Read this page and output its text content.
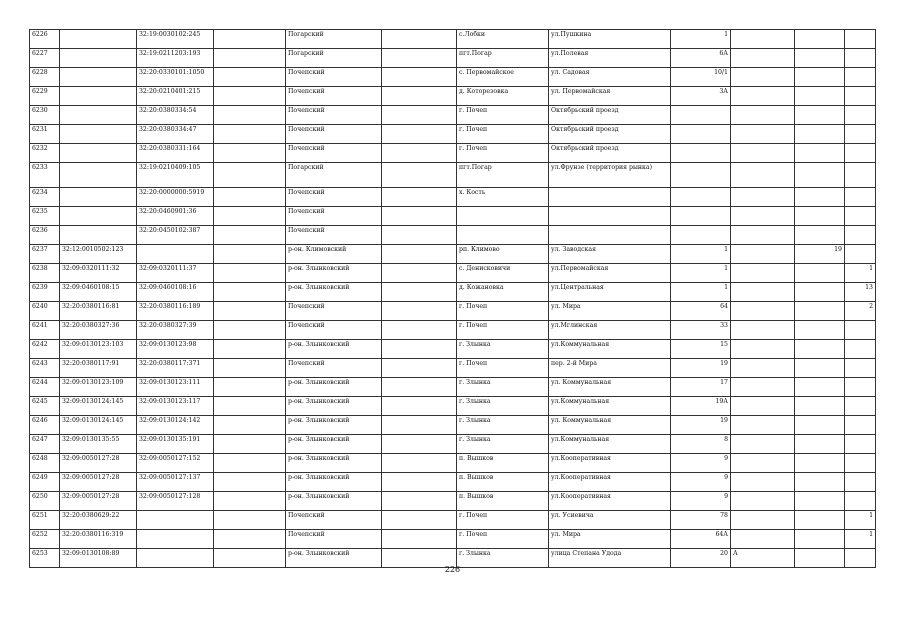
6226		32:19:0030102:245		Погарский		с.Лобки	ул.Пушкина	1			
6227		32:19:0211203:193		Погарский		пгт.Погар	ул.Полевая	6А			
6228		32:20:0330101:1050		Почепский		с. Первомайское	ул. Садовая	10/1			
6229		32:20:0210401:215		Почепский		д. Котоpезовка	ул. Первомайская	3А			
6230		32:20:0380334:54		Почепский		г. Почеп	Октябрьский проезд				
6231		32:20:0380334:47		Почепский		г. Почеп	Октябрьский проезд				
6232		32:20:0380331:164		Почепский		г. Почеп	Октябрьский проезд				
6233		32:19:0210409:105		Погарский		пгт.Погар	ул.Фрунзе (территория рынка)				
6234		32:20:0000000:5919		Почепский		х. Кость					
6235		32:20:0460901:36		Почепский							
6236		32:20:0450102:387		Почепский							
6237	32:12:0010502:123			р-он. Климовский		рп. Климово	ул. Заводская	1		19	
6238	32:09:0320111:32	32:09:0320111:37		р-он. Злынковский		с. Денисковичи	ул.Первомайская	1			1
6239	32:09:0460108:15	32:09:0460108:16		р-он. Злынковский		д. Кожановка	ул.Центральная	1			13
6240	32:20:0380116:81	32:20:0380116:189		Почепский		г. Почеп	ул. Мира	64			2
6241	32:20:0380327:36	32:20:0380327:39		Почепский		г. Почеп	ул.Мглинская	33			
6242	32:09:0130123:103	32:09:0130123:98		р-он. Злынковский		г. Злынка	ул.Коммунальная	15			
6243	32:20:0380117:91	32:20:0380117:371		Почепский		г. Почеп	пер. 2-й Мира	19			
6244	32:09:0130123:109	32:09:0130123:111		р-он. Злынковский		г. Злынка	ул. Коммунальная	17			
6245	32:09:0130124:145	32:09:0130123:117		р-он. Злынковский		г. Злынка	ул.Коммунальная	19А			
6246	32:09:0130124:145	32:09:0130124:142		р-он. Злынковский		г. Злынка	ул. Коммунальная	19			
6247	32:09:0130135:55	32:09:0130135:191		р-он. Злынковский		г. Злынка	ул.Коммунальная	8			
6248	32:09:0050127:28	32:09:0050127:152		р-он. Злынковский		п. Вышков	ул.Кооперативная	9			
6249	32:09:0050127:28	32:09:0050127:137		р-он. Злынковский		п. Вышков	ул.Кооперативная	9			
6250	32:09:0050127:28	32:09:0050127:128		р-он. Злынковский		п. Вышков	ул.Кооперативная	9			
6251	32:20:0380629:22			Почепский		г. Почеп	ул. Усиевича	78			1
6252	32:20:0380116:319			Почепский		г. Почеп	ул. Мира	64А			1
6253	32:09:0130108:89			р-он. Злынковский		г. Злынка	улица Степана Удода	20	А		
226
